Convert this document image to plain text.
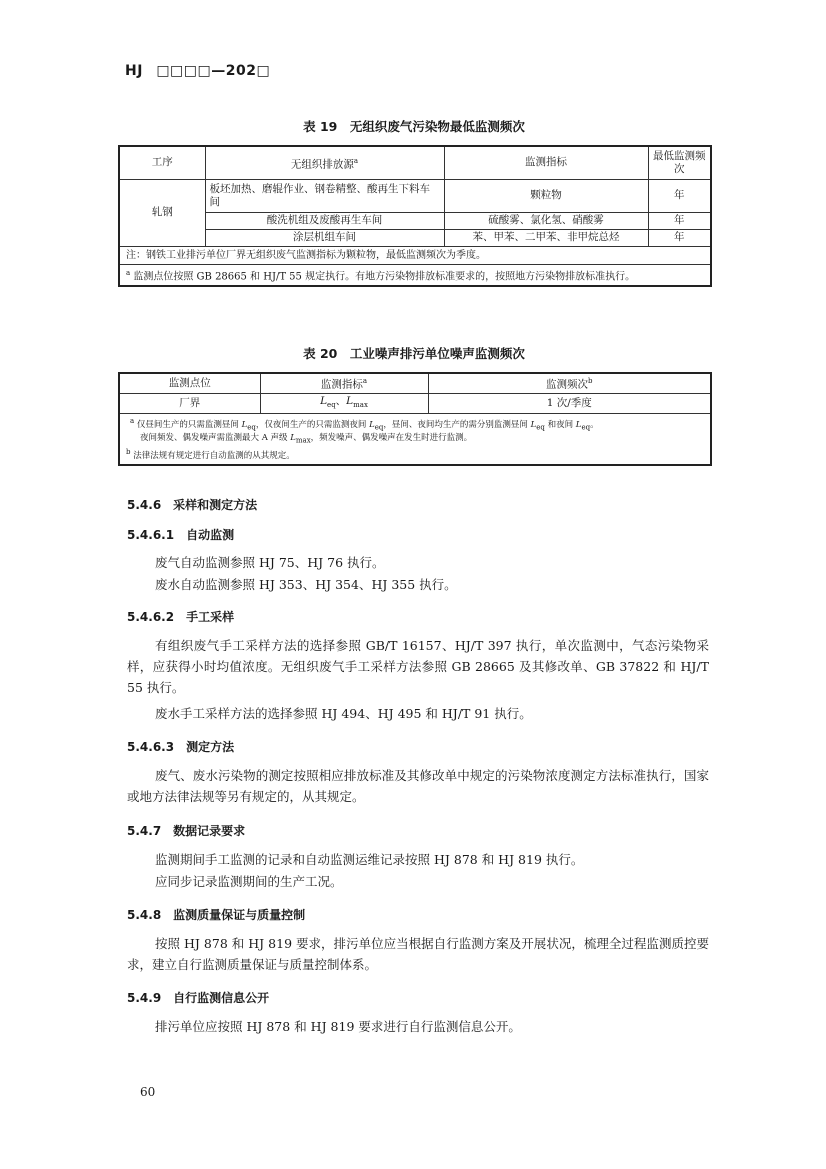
HJ □□□□—202□
表 19　无组织废气污染物最低监测频次
工序	无组织排放源$^a$	监测指标	最低监测频次
轧钢	板坯加热、磨辊作业、钢卷精整、酸再生下料车间	颗粒物	年
	酸洗机组及废酸再生车间	硫酸雾、氯化氢、硝酸雾	年
	涂层机组车间	苯、甲苯、二甲苯、非甲烷总烃	年

注：钢铁工业排污单位厂界无组织废气监测指标为颗粒物，最低监测频次为季度。
$^a$ 监测点位按照 GB 28665 和 HJ/T 55 规定执行。有地方污染物排放标准要求的，按照地方污染物排放标准执行。			
表 20　工业噪声排污单位噪声监测频次
监测点位	监测指标$^a$	监测频次$^b$
厂界	$L_{eq}$、$L_{max}$	1 次/季度

$^a$ 仅昼间生产的只需监测昼间 $L_{eq}$，仅夜间生产的只需监测夜间 $L_{eq}$，昼间、夜间均生产的需分别监测昼间 $L_{eq}$ 和夜间 $L_{eq}$。
夜间频发、偶发噪声需监测最大 A 声级 $L_{max}$，频发噪声、偶发噪声在发生时进行监测。
$^b$ 法律法规有规定进行自动监测的从其规定。		
5.4.6　采样和测定方法
5.4.6.1　自动监测
废气自动监测参照 HJ 75、HJ 76 执行。
废水自动监测参照 HJ 353、HJ 354、HJ 355 执行。
5.4.6.2　手工采样
有组织废气手工采样方法的选择参照 GB/T 16157、HJ/T 397 执行，单次监测中，气态污染物采样，应获得小时均值浓度。无组织废气手工采样方法参照 GB 28665 及其修改单、GB 37822 和 HJ/T 55 执行。
废水手工采样方法的选择参照 HJ 494、HJ 495 和 HJ/T 91 执行。
5.4.6.3　测定方法
废气、废水污染物的测定按照相应排放标准及其修改单中规定的污染物浓度测定方法标准执行，国家或地方法律法规等另有规定的，从其规定。
5.4.7　数据记录要求
监测期间手工监测的记录和自动监测运维记录按照 HJ 878 和 HJ 819 执行。
应同步记录监测期间的生产工况。
5.4.8　监测质量保证与质量控制
按照 HJ 878 和 HJ 819 要求，排污单位应当根据自行监测方案及开展状况，梳理全过程监测质控要求，建立自行监测质量保证与质量控制体系。
5.4.9　自行监测信息公开
排污单位应按照 HJ 878 和 HJ 819 要求进行自行监测信息公开。
60
